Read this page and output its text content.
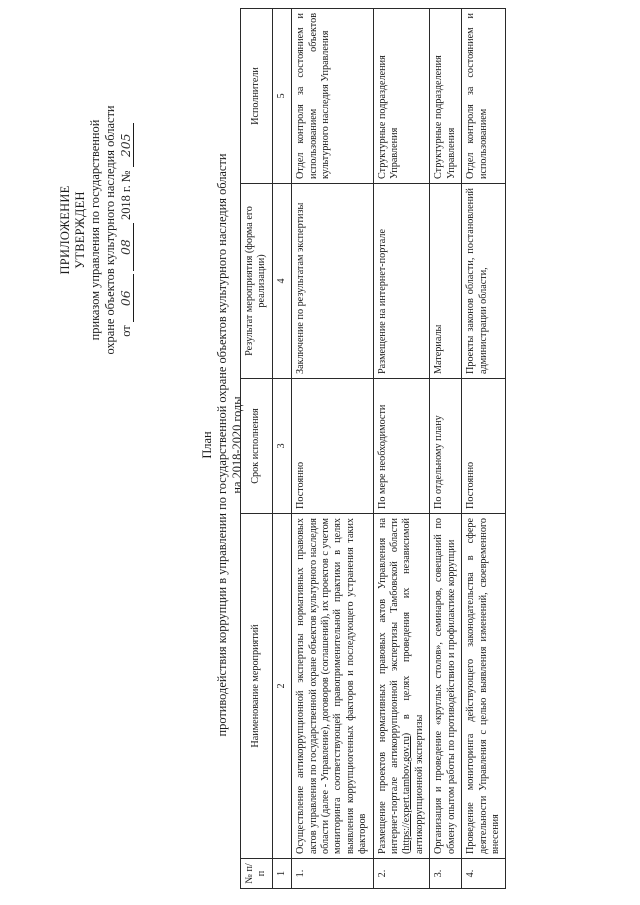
ПРИЛОЖЕНИЕ УТВЕРЖДЕН приказом управления по государственной охране объектов культурного наследия области от 06 08 2018 г. № 205
План противодействия коррупции в управлении по государственной охране объектов культурного наследия области на 2018-2020 годы
№ п/п	Наименование мероприятий	Срок исполнения	Результат мероприятия (форма его реализации)	Исполнители
1	2	3	4	5
1.	Осуществление антикоррупционной экспертизы нормативных правовых актов управления по государственной охране объектов культурного наследия области (далее - Управление), договоров (соглашений), их проектов с учетом мониторинга соответствующей правоприменительной практики в целях выявления коррупциогенных факторов и последующего устранения таких факторов	Постоянно	Заключение по результатам экспертизы	Отдел контроля за состоянием и использованием объектов культурного наследия Управления
2.	Размещение проектов нормативных правовых актов Управления на интернет-портале антикоррупционной экспертизы Тамбовской области (https://expert.tambov.gov.ru) в целях проведения их независимой антикоррупционной экспертизы	По мере необходимости	Размещение на интернет-портале	Структурные подразделения Управления
3.	Организация и проведение «круглых столов», семинаров, совещаний по обмену опытом работы по противодействию и профилактике коррупции	По отдельному плану	Материалы	Структурные подразделения Управления
4.	Проведение мониторинга действующего законодательства в сфере деятельности Управления с целью выявления изменений, своевременного внесения	Постоянно	Проекты законов области, постановлений администрации области,	Отдел контроля за состоянием и использованием
